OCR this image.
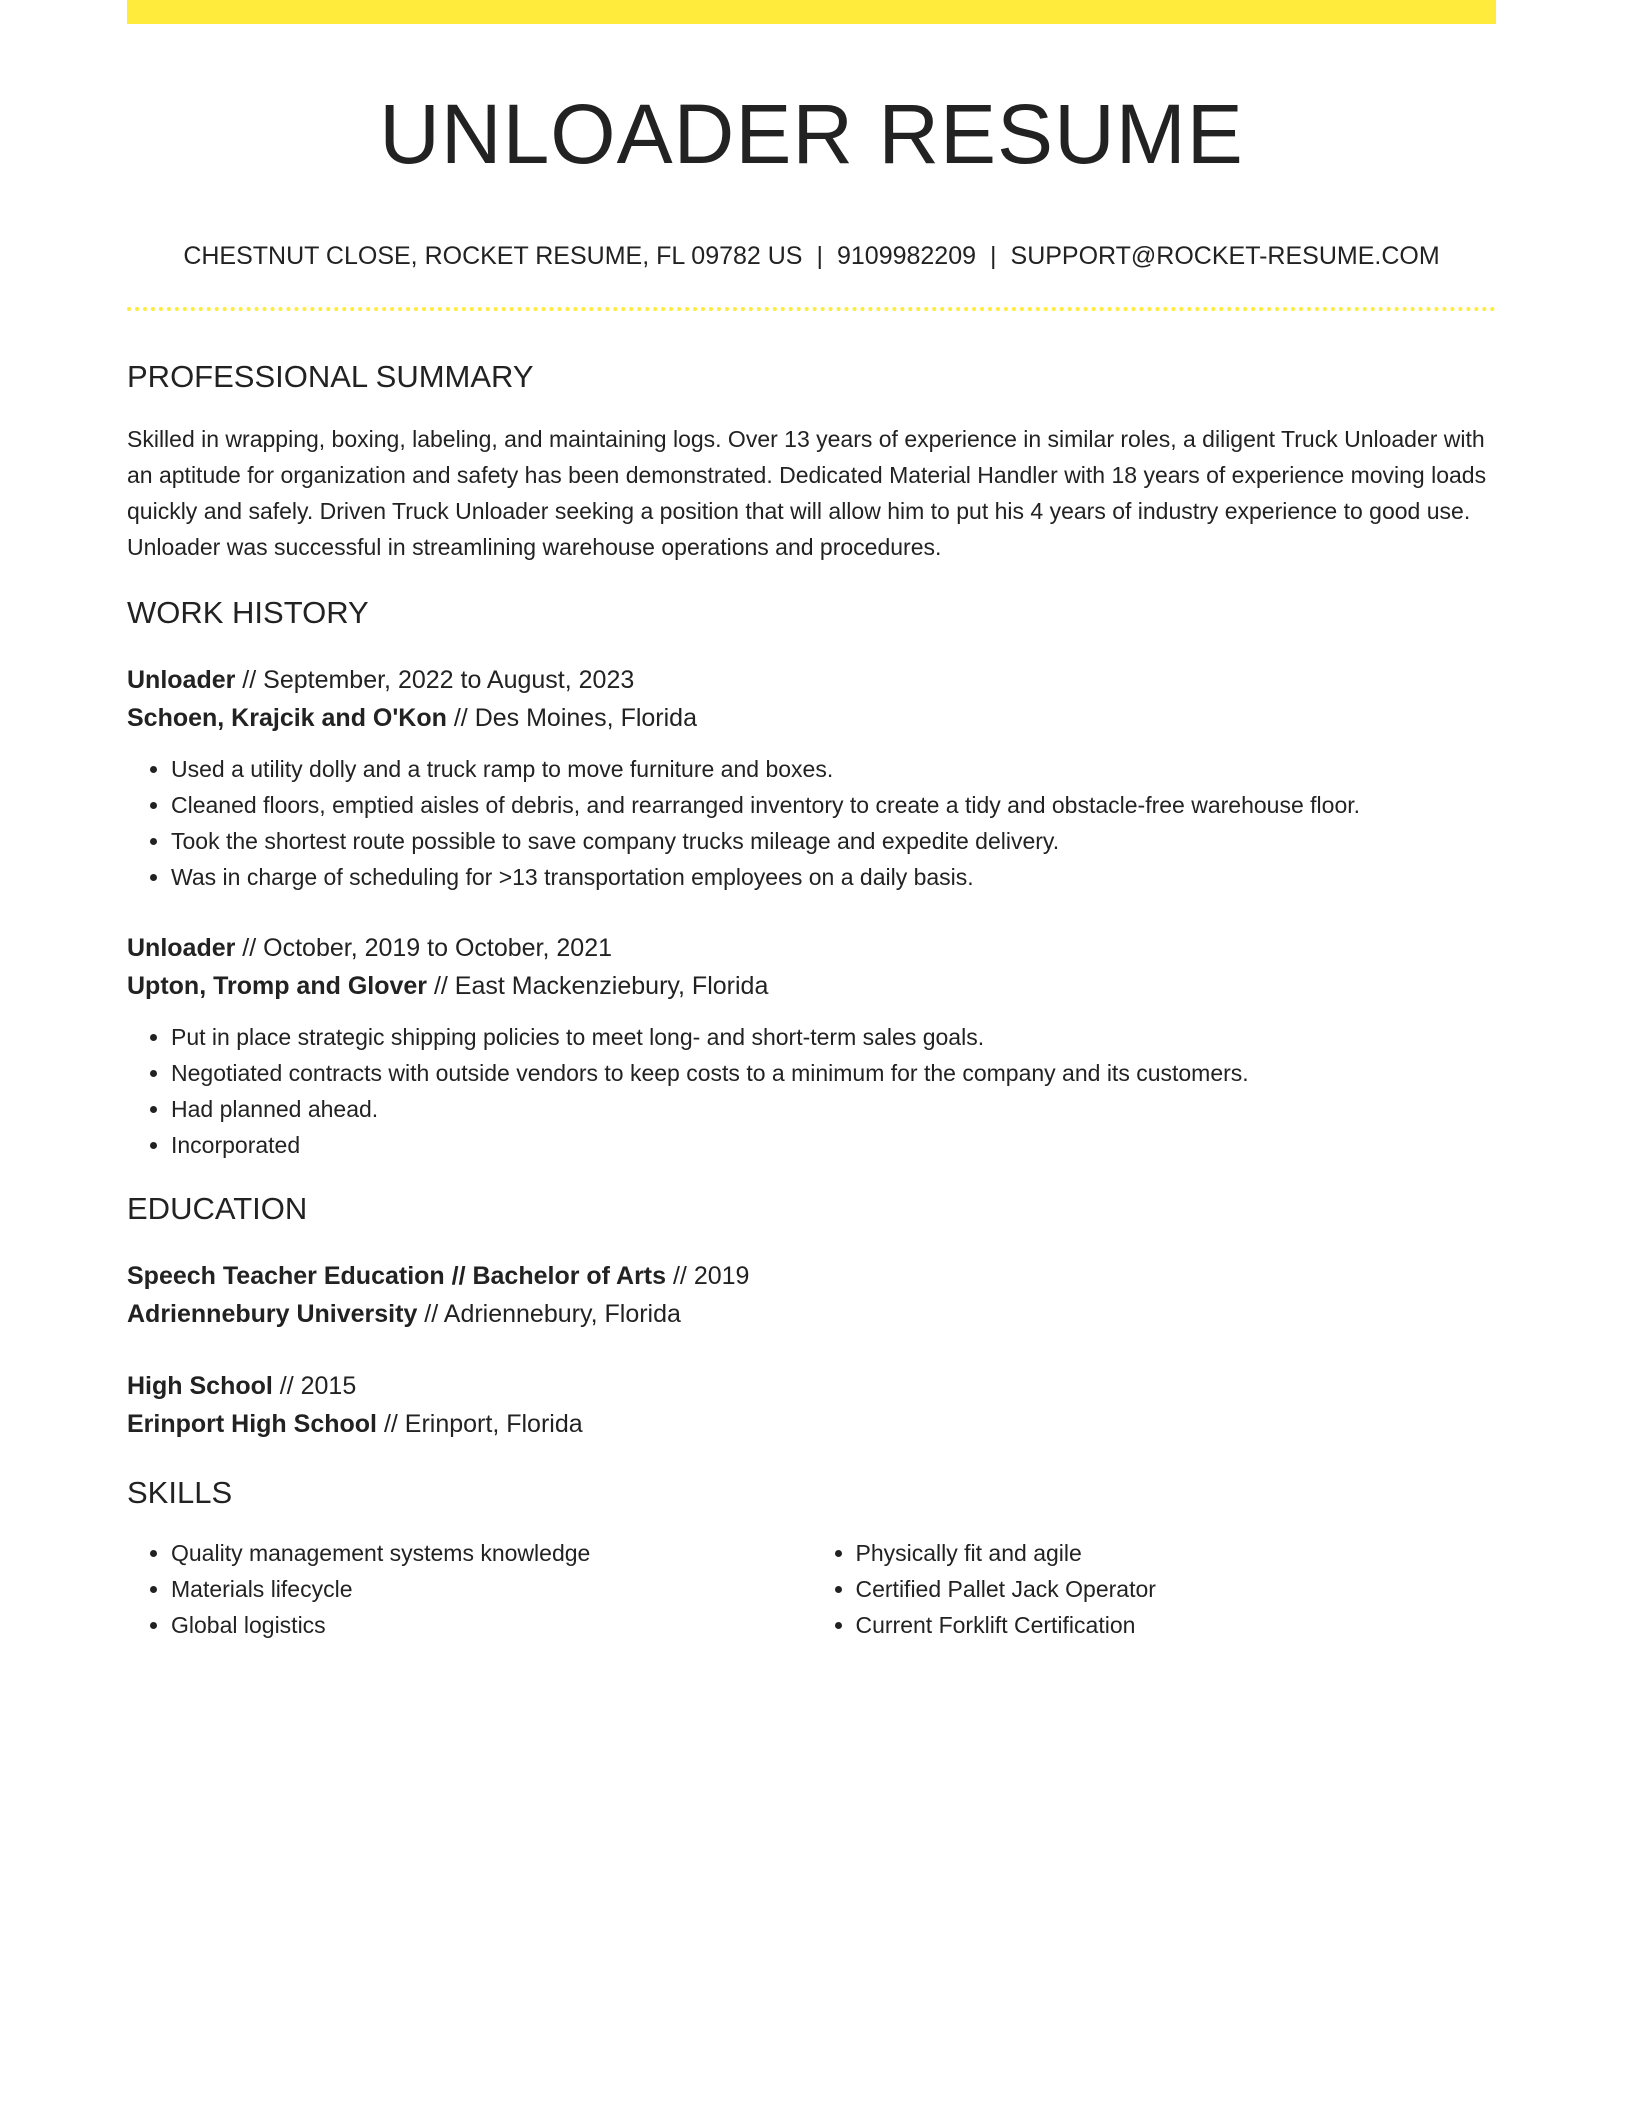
UNLOADER RESUME
CHESTNUT CLOSE, ROCKET RESUME, FL 09782 US | 9109982209 | SUPPORT@ROCKET-RESUME.COM
PROFESSIONAL SUMMARY

Skilled in wrapping, boxing, labeling, and maintaining logs. Over 13 years of experience in similar roles, a diligent Truck Unloader with an aptitude for organization and safety has been demonstrated. Dedicated Material Handler with 18 years of experience moving loads quickly and safely. Driven Truck Unloader seeking a position that will allow him to put his 4 years of industry experience to good use. Unloader was successful in streamlining warehouse operations and procedures.

WORK HISTORY
Unloader // September, 2022 to August, 2023
Schoen, Krajcik and O'Kon // Des Moines, Florida
• Used a utility dolly and a truck ramp to move furniture and boxes.
• Cleaned floors, emptied aisles of debris, and rearranged inventory to create a tidy and obstacle-free warehouse floor.
• Took the shortest route possible to save company trucks mileage and expedite delivery.
• Was in charge of scheduling for >13 transportation employees on a daily basis.
Unloader // October, 2019 to October, 2021
Upton, Tromp and Glover // East Mackenziebury, Florida
• Put in place strategic shipping policies to meet long- and short-term sales goals.
• Negotiated contracts with outside vendors to keep costs to a minimum for the company and its customers.
• Had planned ahead.
• Incorporated
EDUCATION
Speech Teacher Education // Bachelor of Arts // 2019
Adriennebury University // Adriennebury, Florida
High School // 2015
Erinport High School // Erinport, Florida
SKILLS
• Quality management systems knowledge
• Materials lifecycle
• Global logistics
• Physically fit and agile
• Certified Pallet Jack Operator
• Current Forklift Certification
